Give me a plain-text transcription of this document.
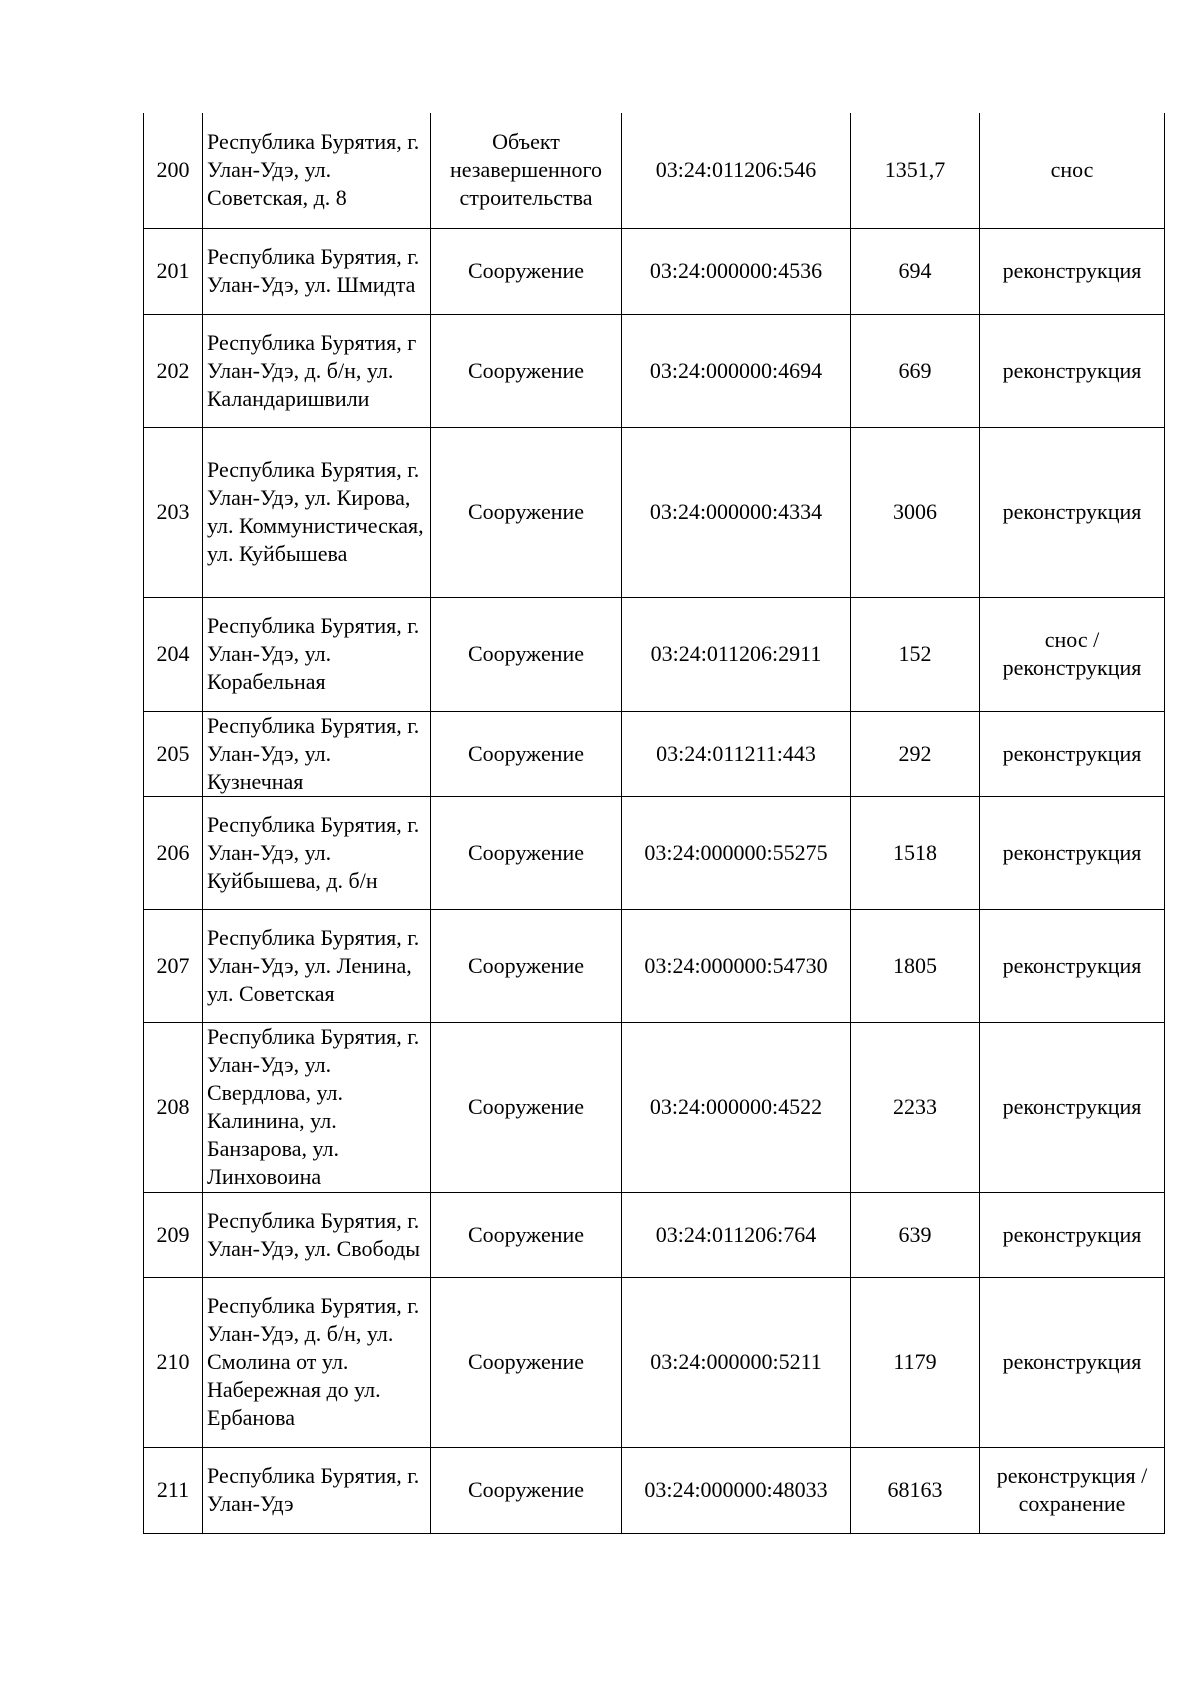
200	Республика Бурятия, г. Улан-Удэ, ул. Советская, д. 8	Объект незавершенного строительства	03:24:011206:546	1351,7	снос
201	Республика Бурятия, г. Улан-Удэ, ул. Шмидта	Сооружение	03:24:000000:4536	694	реконструкция
202	Республика Бурятия, г Улан-Удэ, д. б/н, ул. Каландаришвили	Сооружение	03:24:000000:4694	669	реконструкция
203	Республика Бурятия, г. Улан-Удэ, ул. Кирова, ул. Коммунистическая, ул. Куйбышева	Сооружение	03:24:000000:4334	3006	реконструкция
204	Республика Бурятия, г. Улан-Удэ, ул. Корабельная	Сооружение	03:24:011206:2911	152	снос / реконструкция
205	Республика Бурятия, г. Улан-Удэ, ул. Кузнечная	Сооружение	03:24:011211:443	292	реконструкция
206	Республика Бурятия, г. Улан-Удэ, ул. Куйбышева, д. б/н	Сооружение	03:24:000000:55275	1518	реконструкция
207	Республика Бурятия, г. Улан-Удэ, ул. Ленина, ул. Советская	Сооружение	03:24:000000:54730	1805	реконструкция
208	Республика Бурятия, г. Улан-Удэ, ул. Свердлова, ул. Калинина, ул. Банзарова, ул. Линховоина	Сооружение	03:24:000000:4522	2233	реконструкция
209	Республика Бурятия, г. Улан-Удэ, ул. Свободы	Сооружение	03:24:011206:764	639	реконструкция
210	Республика Бурятия, г. Улан-Удэ, д. б/н, ул. Смолина от ул. Набережная до ул. Ербанова	Сооружение	03:24:000000:5211	1179	реконструкция
211	Республика Бурятия, г. Улан-Удэ	Сооружение	03:24:000000:48033	68163	реконструкция / сохранение
